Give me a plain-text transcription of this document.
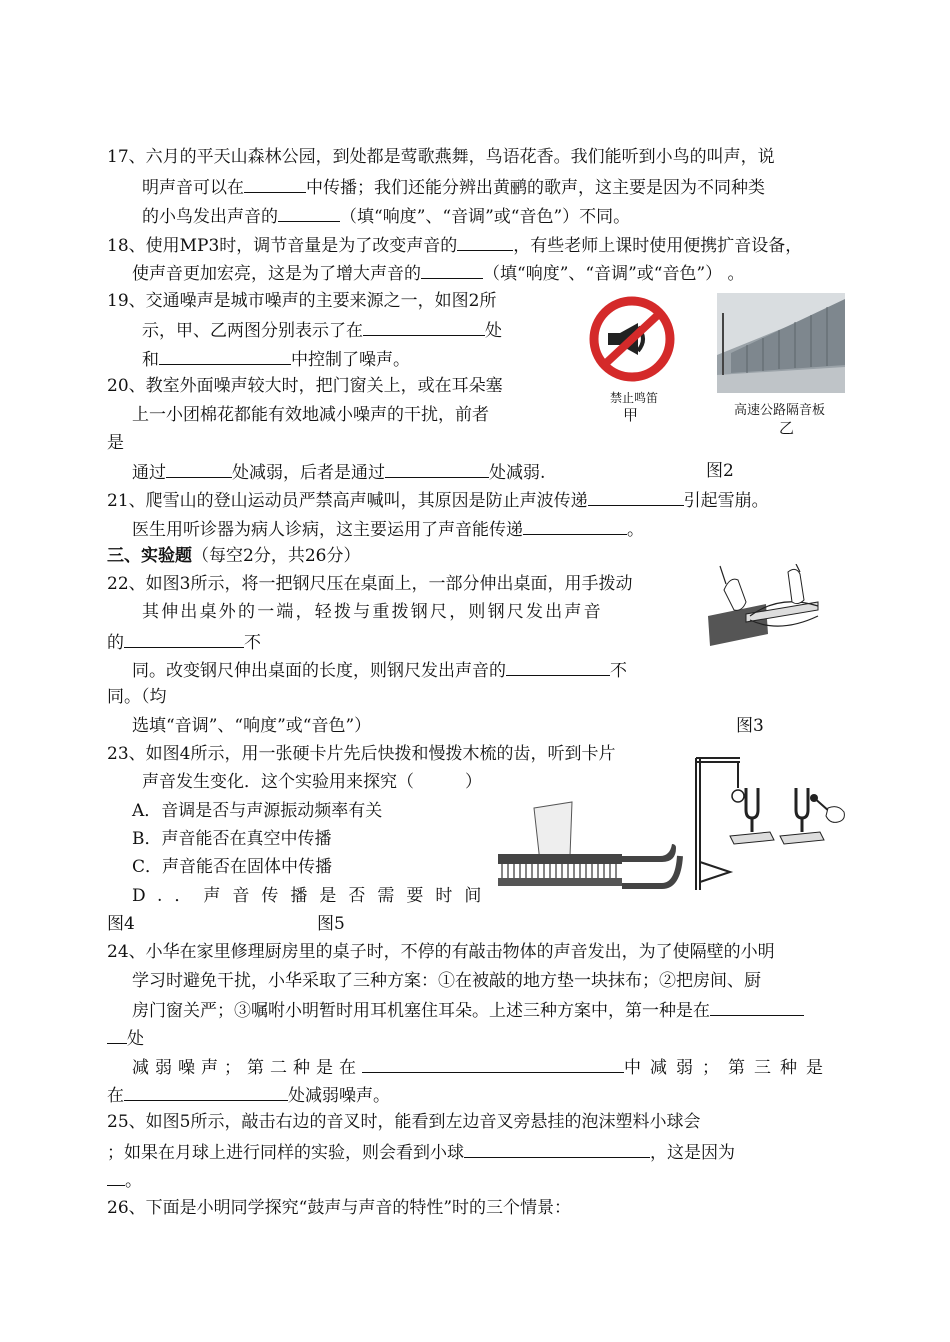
17、六月的平天山森林公园，到处都是莺歌燕舞，鸟语花香。我们能听到小鸟的叫声，说
明声音可以在	中传播；我们还能分辨出黄鹂的歌声，这主要是因为不同种类
的小鸟发出声音的	（填“响度”、“音调”或“音色”）不同。
18、使用MP3时，调节音量是为了改变声音的	，有些老师上课时使用便携扩音设备，
使声音更加宏亮，这是为了增大声音的	（填“响度”、“音调”或“音色”） 。
19、交通噪声是城市噪声的主要来源之一，如图2所
示，甲、乙两图分别表示了在	处
和	中控制了噪声。
禁止鸣笛
甲	高速公路隔音板
乙
20、教室外面噪声较大时，把门窗关上，或在耳朵塞
上一小团棉花都能有效地减小噪声的干扰，前者
是
通过	处减弱，后者是通过	处减弱.	图2
21、爬雪山的登山运动员严禁高声喊叫，其原因是防止声波传递	引起雪崩。
医生用听诊器为病人诊病，这主要运用了声音能传递	。
三、实验题（每空2分，共26分）
22、如图3所示，将一把钢尺压在桌面上，一部分伸出桌面，用手拨动
其伸出桌外的一端，轻拨与重拨钢尺，则钢尺发出声音
的	不
同。改变钢尺伸出桌面的长度，则钢尺发出声音的	不
同。（均
选填“音调”、“响度”或“音色”）	图3
23、如图4所示，用一张硬卡片先后快拨和慢拨木梳的齿，听到卡片
声音发生变化．这个实验用来探究（　　　）
A．音调是否与声源振动频率有关
B．声音能否在真空中传播
C．声音能否在固体中传播
D.．声音传播是否需要时间
图4	图5
24、小华在家里修理厨房里的桌子时，不停的有敲击物体的声音发出，为了使隔壁的小明
学习时避免干扰，小华采取了三种方案：①在被敲的地方垫一块抹布；②把房间、厨
房门窗关严；③嘱咐小明暂时用耳机塞住耳朵。上述三种方案中，第一种是在
处
减弱噪声；第二种是在	中减弱；第三种是
在	处减弱噪声。
25、如图5所示，敲击右边的音叉时，能看到左边音叉旁悬挂的泡沫塑料小球会
；如果在月球上进行同样的实验，则会看到小球	，这是因为
。
26、下面是小明同学探究“鼓声与声音的特性”时的三个情景：
